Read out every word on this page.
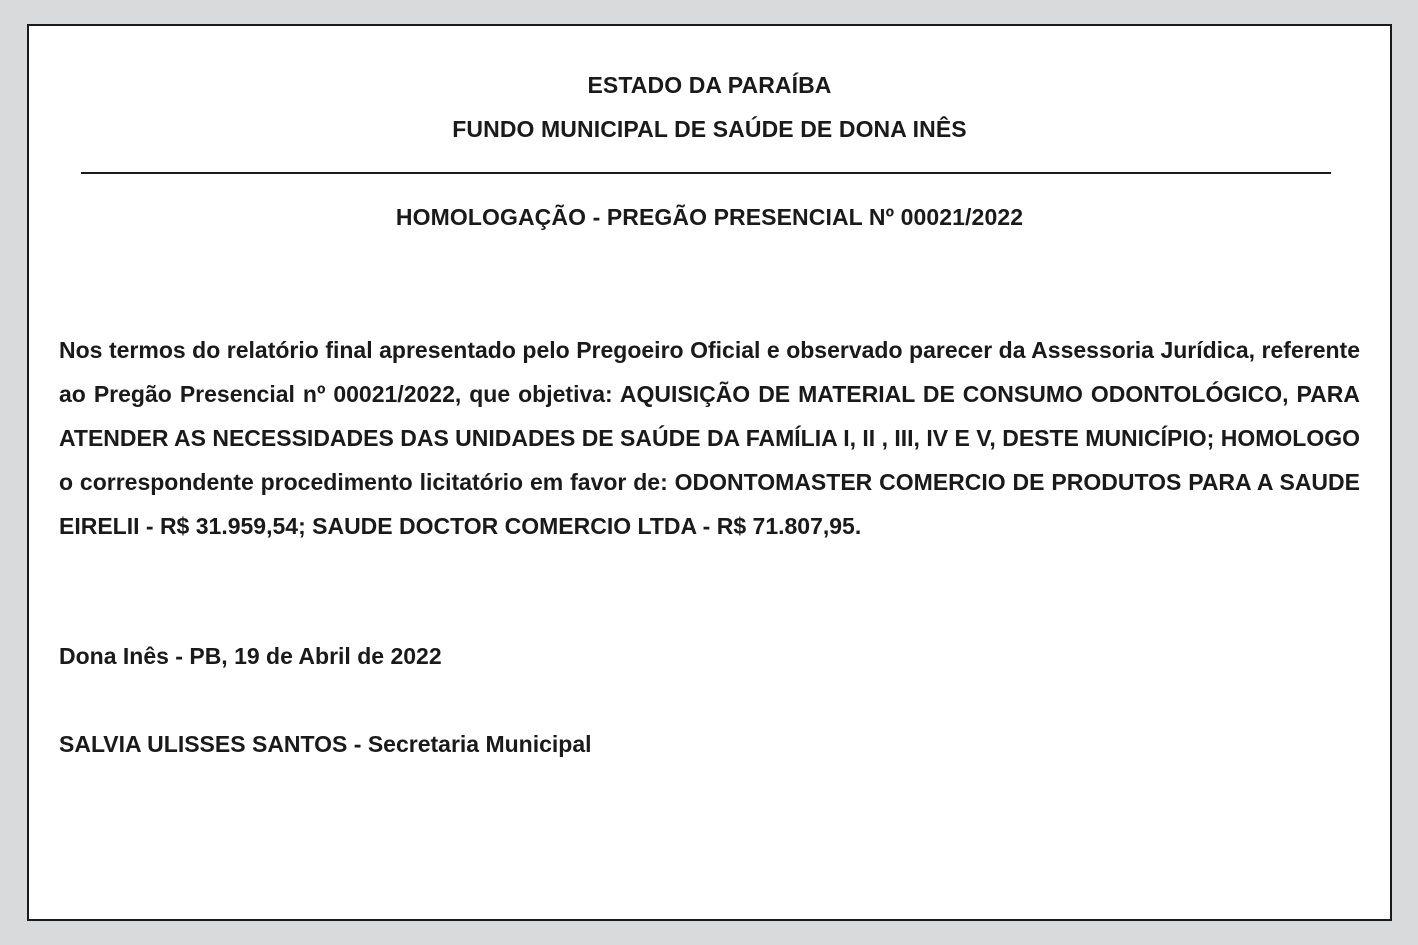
ESTADO DA PARAÍBA
FUNDO MUNICIPAL DE SAÚDE DE DONA INÊS
HOMOLOGAÇÃO - PREGÃO PRESENCIAL Nº 00021/2022

Nos termos do relatório final apresentado pelo Pregoeiro Oficial e observado parecer da Assessoria Jurídica, referente ao Pregão Presencial nº 00021/2022, que objetiva: AQUISIÇÃO DE MATERIAL DE CONSUMO ODONTOLÓGICO, PARA ATENDER AS NECESSIDADES DAS UNIDADES DE SAÚDE DA FAMÍLIA I, II , III, IV E V, DESTE MUNICÍPIO; HOMOLOGO o correspondente procedimento licitatório em favor de: ODONTOMASTER COMERCIO DE PRODUTOS PARA A SAUDE EIRELII - R$ 31.959,54; SAUDE DOCTOR COMERCIO LTDA - R$ 71.807,95.

Dona Inês - PB, 19 de Abril de 2022
SALVIA ULISSES SANTOS - Secretaria Municipal
